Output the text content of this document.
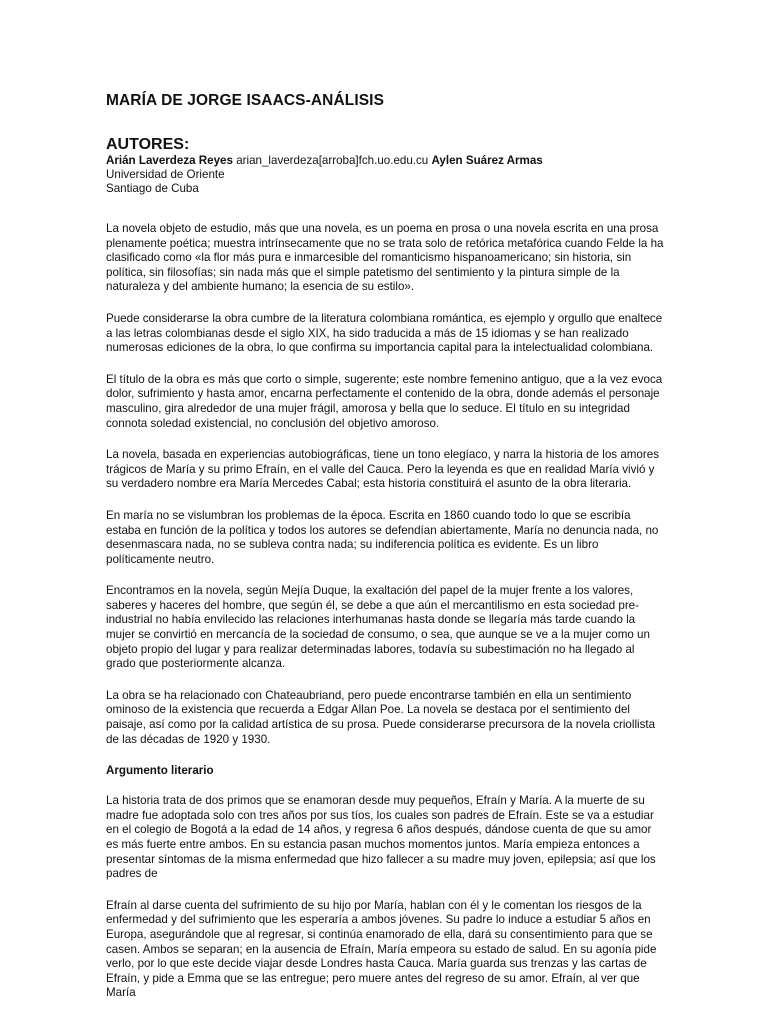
MARÍA DE JORGE ISAACS-ANÁLISIS
AUTORES:

Arián Laverdeza Reyes arian_laverdeza[arroba]fch.uo.edu.cu Aylen Suárez Armas

Universidad de Oriente

Santiago de Cuba

La novela objeto de estudio, más que una novela, es un poema en prosa o una novela escrita en una prosa plenamente poética; muestra intrínsecamente que no se trata solo de retórica metafórica cuando Felde la ha clasificado como «la flor más pura e inmarcesible del romanticismo hispanoamericano; sin historia, sin política, sin filosofías; sin nada más que el simple patetismo del sentimiento y la pintura simple de la naturaleza y del ambiente humano; la esencia de su estilo».

Puede considerarse la obra cumbre de la literatura colombiana romántica, es ejemplo y orgullo que enaltece a las letras colombianas desde el siglo XIX, ha sido traducida a más de 15 idiomas y se han realizado numerosas ediciones de la obra, lo que confirma su importancia capital para la intelectualidad colombiana.

El título de la obra es más que corto o simple, sugerente; este nombre femenino antiguo, que a la vez evoca dolor, sufrimiento y hasta amor, encarna perfectamente el contenido de la obra, donde además el personaje masculino, gira alrededor de una mujer frágil, amorosa y bella que lo seduce. El título en su integridad connota soledad existencial, no conclusión del objetivo amoroso.

La novela, basada en experiencias autobiográficas, tiene un tono elegíaco, y narra la historia de los amores trágicos de María y su primo Efraín, en el valle del Cauca. Pero la leyenda es que en realidad María vivió y su verdadero nombre era María Mercedes Cabal; esta historia constituirá el asunto de la obra literaria.

En maría no se vislumbran los problemas de la época. Escrita en 1860 cuando todo lo que se escribía estaba en función de la política y todos los autores se defendían abiertamente, María no denuncia nada, no desenmascara nada, no se subleva contra nada; su indiferencia política es evidente. Es un libro políticamente neutro.

Encontramos en la novela, según Mejía Duque, la exaltación del papel de la mujer frente a los valores, saberes y haceres del hombre, que según él, se debe a que aún el mercantilismo en esta sociedad pre-industrial no había envilecido las relaciones interhumanas hasta donde se llegaría más tarde cuando la mujer se convirtió en mercancía de la sociedad de consumo, o sea, que aunque se ve a la mujer como un objeto propio del lugar y para realizar determinadas labores, todavía su subestimación no ha llegado al grado que posteriormente alcanza.

La obra se ha relacionado con Chateaubriand, pero puede encontrarse también en ella un sentimiento ominoso de la existencia que recuerda a Edgar Allan Poe. La novela se destaca por el sentimiento del paisaje, así como por la calidad artística de su prosa. Puede considerarse precursora de la novela criollista de las décadas de 1920 y 1930.

Argumento literario

La historia trata de dos primos que se enamoran desde muy pequeños, Efraín y María. A la muerte de su madre fue adoptada solo con tres años por sus tíos, los cuales son padres de Efraín. Este se va a estudiar en el colegio de Bogotá a la edad de 14 años, y regresa 6 años después, dándose cuenta de que su amor es más fuerte entre ambos. En su estancia pasan muchos momentos juntos. María empieza entonces a presentar síntomas de la misma enfermedad que hizo fallecer a su madre muy joven, epilepsia; así que los padres de

Efraín al darse cuenta del sufrimiento de su hijo por María, hablan con él y le comentan los riesgos de la enfermedad y del sufrimiento que les esperaría a ambos jóvenes. Su padre lo induce a estudiar 5 años en Europa, asegurándole que al regresar, si continúa enamorado de ella, dará su consentimiento para que se casen. Ambos se separan; en la ausencia de Efraín, María empeora su estado de salud. En su agonía pide verlo, por lo que este decide viajar desde Londres hasta Cauca. María guarda sus trenzas y las cartas de Efraín, y pide a Emma que se las entregue; pero muere antes del regreso de su amor. Efraín, al ver que María
